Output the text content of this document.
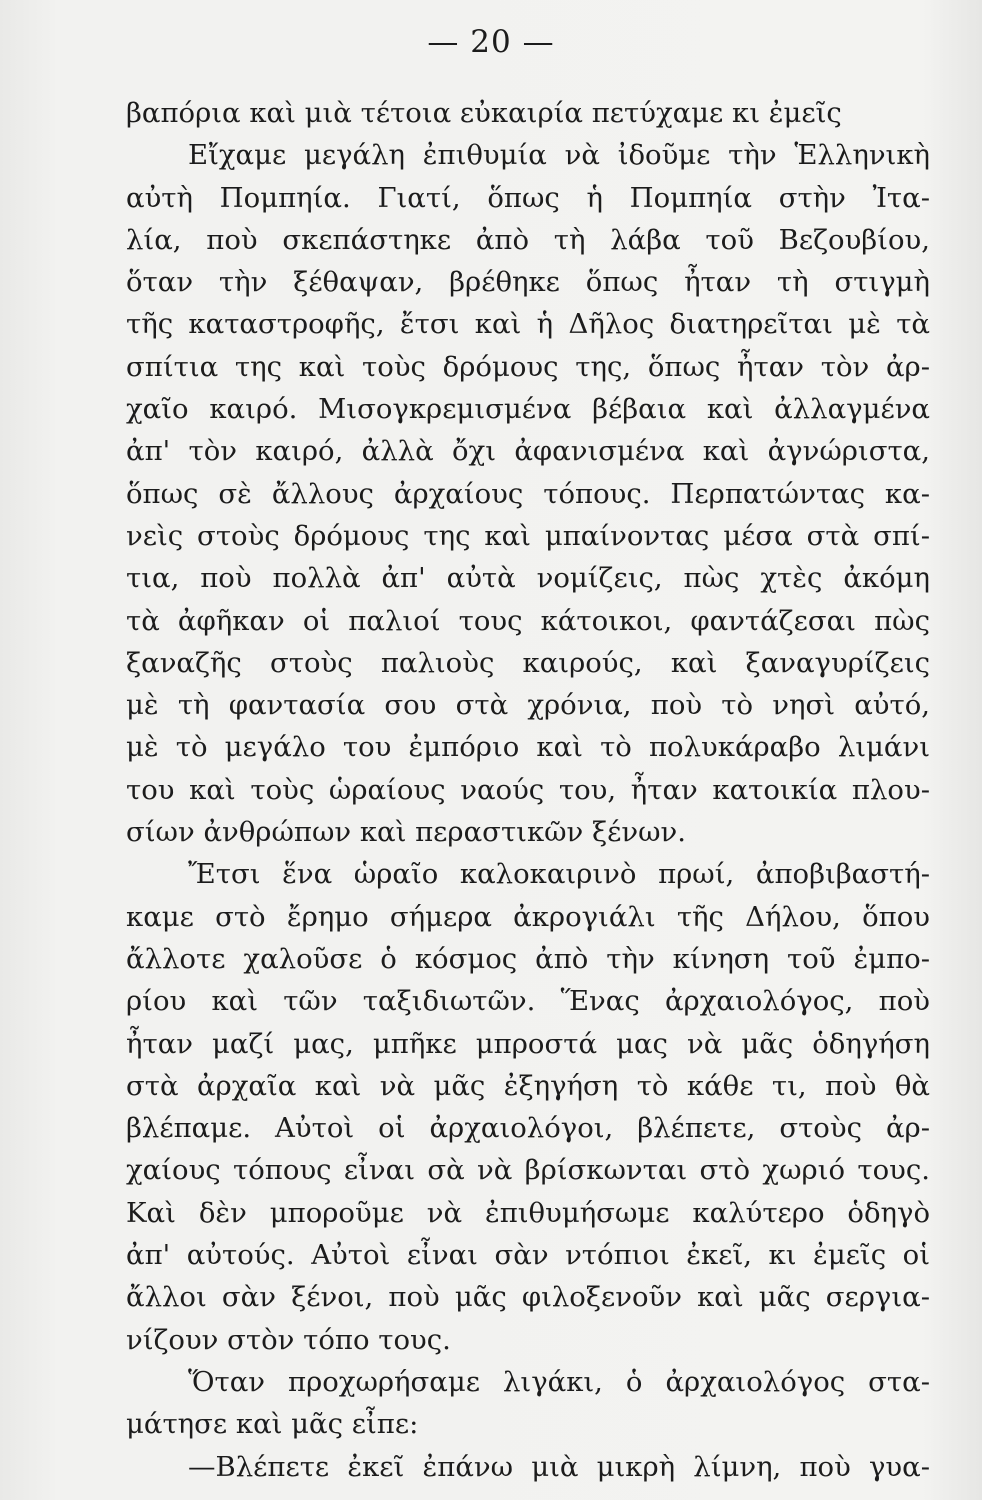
— 20 —
βαπόρια καὶ μιὰ τέτοια εὐκαιρία πετύχαμε κι ἐμεῖς
Εἴχαμε μεγάλη ἐπιθυμία νὰ ἰδοῦμε τὴν Ἑλληνικὴ
αὐτὴ Πομπηία. Γιατί, ὅπως ἡ Πομπηία στὴν Ἰτα-
λία, ποὺ σκεπάστηκε ἀπὸ τὴ λάβα τοῦ Βεζουβίου,
ὅταν τὴν ξέθαψαν, βρέθηκε ὅπως ἦταν τὴ στιγμὴ
τῆς καταστροφῆς, ἔτσι καὶ ἡ Δῆλος διατηρεῖται μὲ τὰ
σπίτια της καὶ τοὺς δρόμους της, ὅπως ἦταν τὸν ἀρ-
χαῖο καιρό. Μισογκρεμισμένα βέβαια καὶ ἀλλαγμένα
ἀπ' τὸν καιρό, ἀλλὰ ὄχι ἀφανισμένα καὶ ἀγνώριστα,
ὅπως σὲ ἄλλους ἀρχαίους τόπους. Περπατώντας κα-
νεὶς στοὺς δρόμους της καὶ μπαίνοντας μέσα στὰ σπί-
τια, ποὺ πολλὰ ἀπ' αὐτὰ νομίζεις, πὼς χτὲς ἀκόμη
τὰ ἀφῆκαν οἱ παλιοί τους κάτοικοι, φαντάζεσαι πὼς
ξαναζῆς στοὺς παλιοὺς καιρούς, καὶ ξαναγυρίζεις
μὲ τὴ φαντασία σου στὰ χρόνια, ποὺ τὸ νησὶ αὐτό,
μὲ τὸ μεγάλο του ἐμπόριο καὶ τὸ πολυκάραβο λιμάνι
του καὶ τοὺς ὡραίους ναούς του, ἦταν κατοικία πλου-
σίων ἀνθρώπων καὶ περαστικῶν ξένων.
Ἔτσι ἕνα ὡραῖο καλοκαιρινὸ πρωί, ἀποβιβαστή-
καμε στὸ ἔρημο σήμερα ἀκρογιάλι τῆς Δήλου, ὅπου
ἄλλοτε χαλοῦσε ὁ κόσμος ἀπὸ τὴν κίνηση τοῦ ἐμπο-
ρίου καὶ τῶν ταξιδιωτῶν. Ἕνας ἀρχαιολόγος, ποὺ
ἦταν μαζί μας, μπῆκε μπροστά μας νὰ μᾶς ὁδηγήση
στὰ ἀρχαῖα καὶ νὰ μᾶς ἐξηγήση τὸ κάθε τι, ποὺ θὰ
βλέπαμε. Αὐτοὶ οἱ ἀρχαιολόγοι, βλέπετε, στοὺς ἀρ-
χαίους τόπους εἶναι σὰ νὰ βρίσκωνται στὸ χωριό τους.
Καὶ δὲν μποροῦμε νὰ ἐπιθυμήσωμε καλύτερο ὁδηγὸ
ἀπ' αὐτούς. Αὐτοὶ εἶναι σὰν ντόπιοι ἐκεῖ, κι ἐμεῖς οἱ
ἄλλοι σὰν ξένοι, ποὺ μᾶς φιλοξενοῦν καὶ μᾶς σεργια-
νίζουν στὸν τόπο τους.
Ὅταν προχωρήσαμε λιγάκι, ὁ ἀρχαιολόγος στα-
μάτησε καὶ μᾶς εἶπε:
—Βλέπετε ἐκεῖ ἐπάνω μιὰ μικρὴ λίμνη, ποὺ γυα-
